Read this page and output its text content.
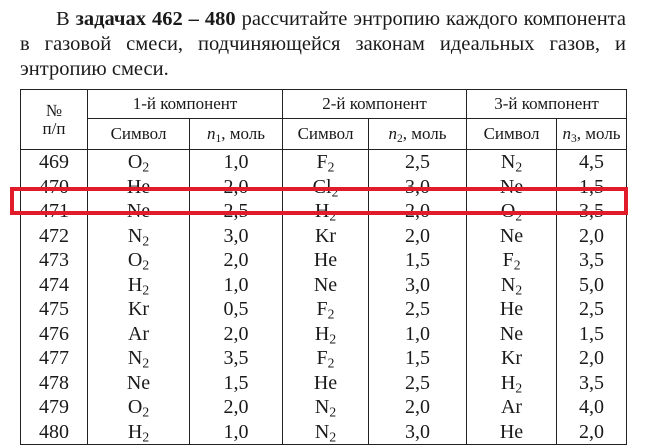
В задачах 462 – 480 рассчитайте энтропию каждого компонента в газовой смеси, подчиняющейся законам идеальных газов, и энтропию смеси.

№
п/п	1-й компонент		2-й компонент		3-й компонент	
	Символ	$n_1$, моль	Символ	$n_2$, моль	Символ	$n_3$, моль
469	$O_2$	1,0	$F_2$	2,5	$N_2$	4,5
470	He	2,0	$Cl_2$	3,0	Ne	1,5
471	Ne	2,5	$H_2$	2,0	$O_2$	3,5
472	$N_2$	3,0	Kr	2,0	Ne	2,0
473	$O_2$	2,0	He	1,5	$F_2$	3,5
474	$H_2$	1,0	Ne	3,0	$N_2$	5,0
475	Kr	0,5	$F_2$	2,5	He	2,5
476	Ar	2,0	$H_2$	1,0	Ne	1,5
477	$N_2$	3,5	$F_2$	1,5	Kr	2,0
478	Ne	1,5	He	2,5	$H_2$	3,5
479	$O_2$	2,0	$N_2$	2,0	Ar	4,0
480	$H_2$	1,0	$N_2$	3,0	He	2,0
